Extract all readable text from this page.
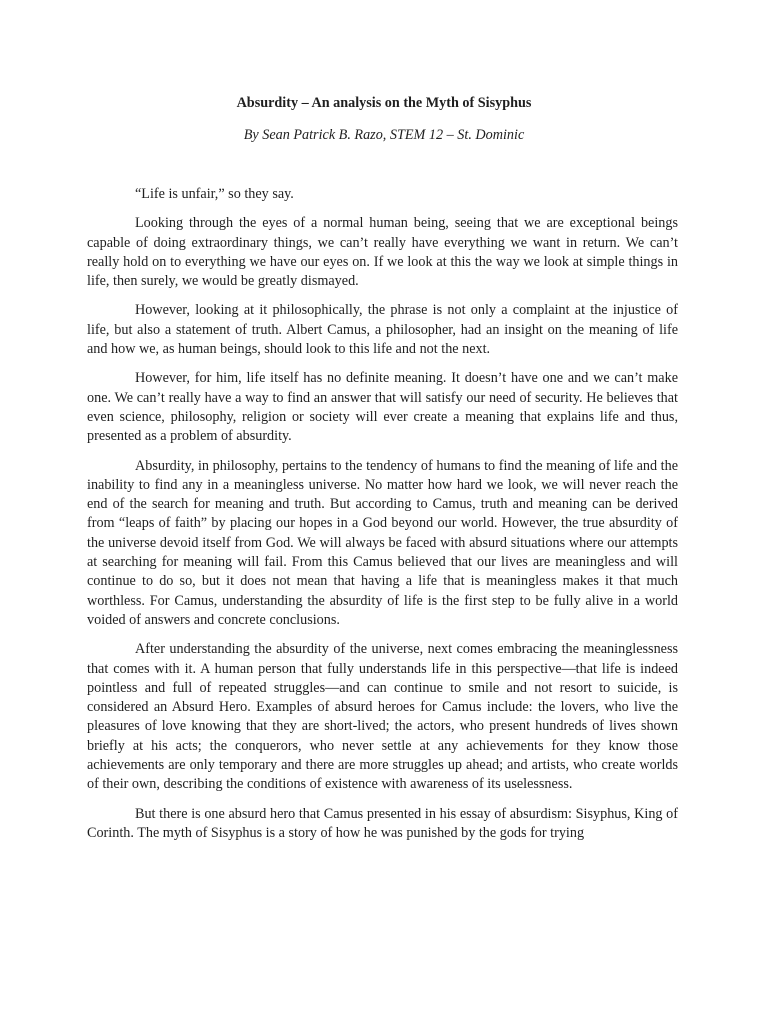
Absurdity – An analysis on the Myth of Sisyphus
By Sean Patrick B. Razo, STEM 12 – St. Dominic

“Life is unfair,” so they say.

Looking through the eyes of a normal human being, seeing that we are exceptional beings capable of doing extraordinary things, we can’t really have everything we want in return. We can’t really hold on to everything we have our eyes on. If we look at this the way we look at simple things in life, then surely, we would be greatly dismayed.

However, looking at it philosophically, the phrase is not only a complaint at the injustice of life, but also a statement of truth. Albert Camus, a philosopher, had an insight on the meaning of life and how we, as human beings, should look to this life and not the next.

However, for him, life itself has no definite meaning. It doesn’t have one and we can’t make one. We can’t really have a way to find an answer that will satisfy our need of security. He believes that even science, philosophy, religion or society will ever create a meaning that explains life and thus, presented as a problem of absurdity.

Absurdity, in philosophy, pertains to the tendency of humans to find the meaning of life and the inability to find any in a meaningless universe. No matter how hard we look, we will never reach the end of the search for meaning and truth. But according to Camus, truth and meaning can be derived from “leaps of faith” by placing our hopes in a God beyond our world. However, the true absurdity of the universe devoid itself from God. We will always be faced with absurd situations where our attempts at searching for meaning will fail. From this Camus believed that our lives are meaningless and will continue to do so, but it does not mean that having a life that is meaningless makes it that much worthless. For Camus, understanding the absurdity of life is the first step to be fully alive in a world voided of answers and concrete conclusions.

After understanding the absurdity of the universe, next comes embracing the meaninglessness that comes with it. A human person that fully understands life in this perspective—that life is indeed pointless and full of repeated struggles—and can continue to smile and not resort to suicide, is considered an Absurd Hero. Examples of absurd heroes for Camus include: the lovers, who live the pleasures of love knowing that they are short-lived; the actors, who present hundreds of lives shown briefly at his acts; the conquerors, who never settle at any achievements for they know those achievements are only temporary and there are more struggles up ahead; and artists, who create worlds of their own, describing the conditions of existence with awareness of its uselessness.

But there is one absurd hero that Camus presented in his essay of absurdism: Sisyphus, King of Corinth. The myth of Sisyphus is a story of how he was punished by the gods for trying
